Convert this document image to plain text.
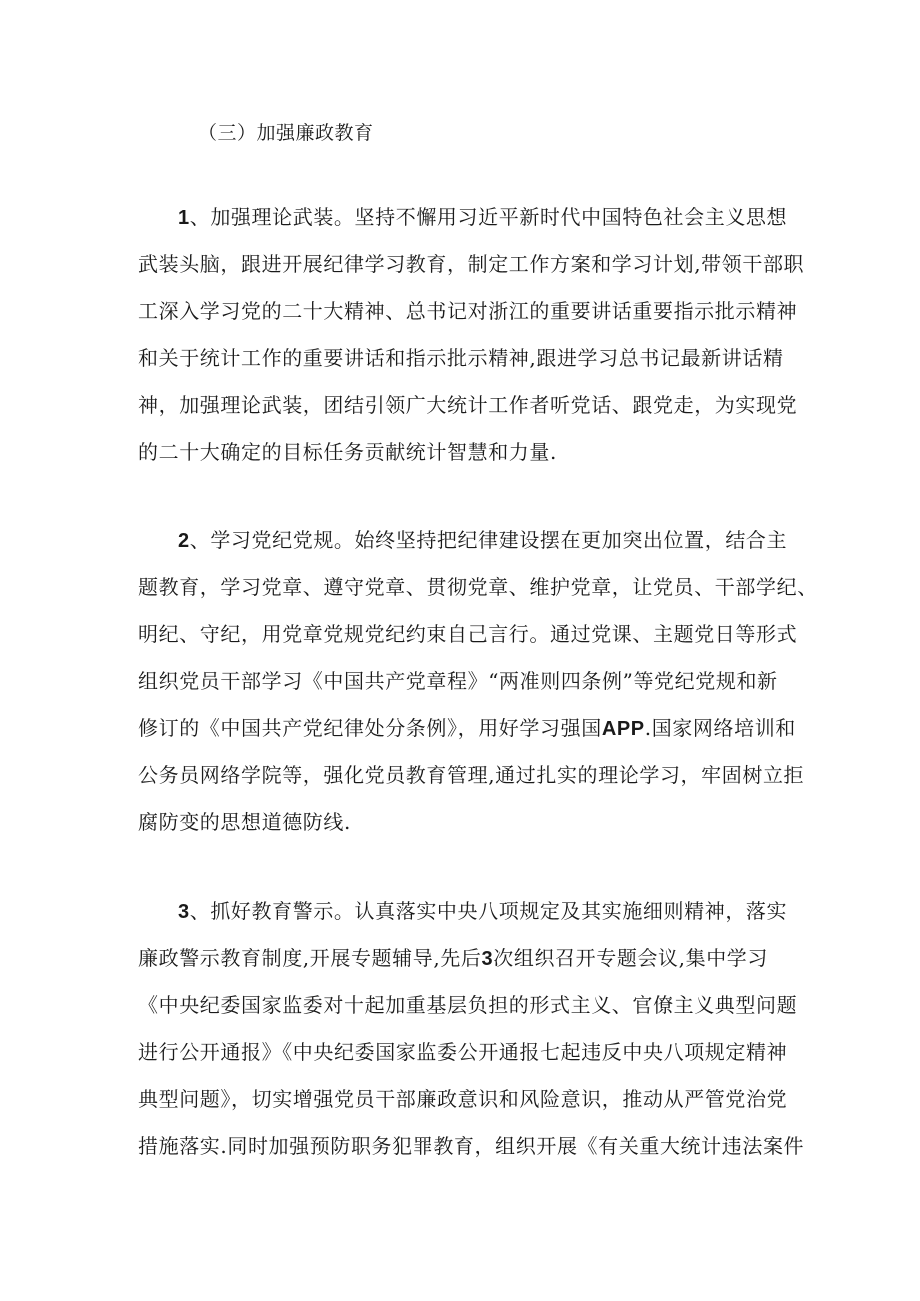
（三）加强廉政教育
1、加强理论武装。坚持不懈用习近平新时代中国特色社会主义思想
武装头脑，跟进开展纪律学习教育，制定工作方案和学习计划,带领干部职
工深入学习党的二十大精神、总书记对浙江的重要讲话重要指示批示精神
和关于统计工作的重要讲话和指示批示精神,跟进学习总书记最新讲话精
神，加强理论武装，团结引领广大统计工作者听党话、跟党走，为实现党
的二十大确定的目标任务贡献统计智慧和力量.
2、学习党纪党规。始终坚持把纪律建设摆在更加突出位置，结合主
题教育，学习党章、遵守党章、贯彻党章、维护党章，让党员、干部学纪、
明纪、守纪，用党章党规党纪约束自己言行。通过党课、主题党日等形式
组织党员干部学习《中国共产党章程》“两准则四条例”等党纪党规和新
修订的《中国共产党纪律处分条例》，用好学习强国APP.国家网络培训和
公务员网络学院等，强化党员教育管理,通过扎实的理论学习，牢固树立拒
腐防变的思想道德防线.
3、抓好教育警示。认真落实中央八项规定及其实施细则精神，落实
廉政警示教育制度,开展专题辅导,先后3次组织召开专题会议,集中学习
《中央纪委国家监委对十起加重基层负担的形式主义、官僚主义典型问题
进行公开通报》《中央纪委国家监委公开通报七起违反中央八项规定精神
典型问题》，切实增强党员干部廉政意识和风险意识，推动从严管党治党
措施落实.同时加强预防职务犯罪教育，组织开展《有关重大统计违法案件
